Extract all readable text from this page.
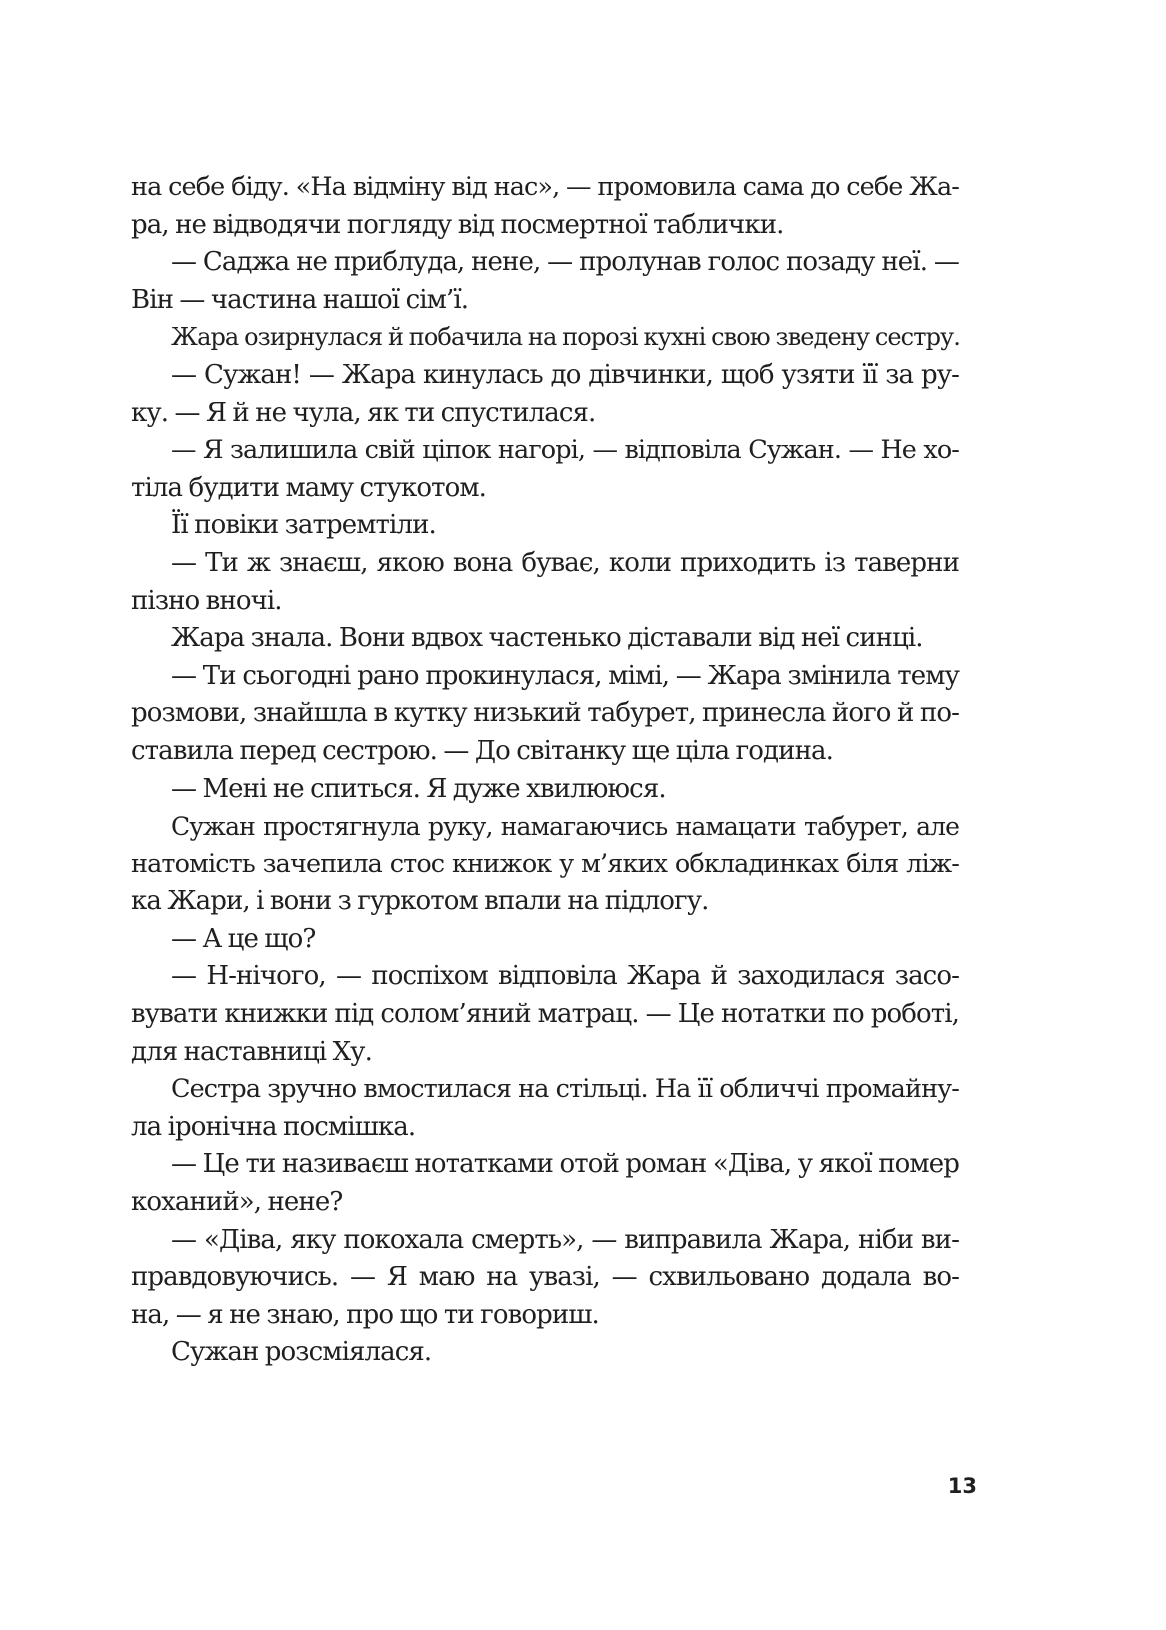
на себе біду. «На відміну від нас», — промовила сама до себе Жа-
ра, не відводячи погляду від посмертної таблички.
— Саджа не приблуда, нене, — пролунав голос позаду неї. —
Він — частина нашої сім’ї.
Жара озирнулася й побачила на порозі кухні свою зведену сестру.
— Сужан! — Жара кинулась до дівчинки, щоб узяти її за ру-
ку. — Я й не чула, як ти спустилася.
— Я залишила свій ціпок нагорі, — відповіла Сужан. — Не хо-
тіла будити маму стукотом.
Її повіки затремтіли.
— Ти ж знаєш, якою вона буває, коли приходить із таверни
пізно вночі.
Жара знала. Вони вдвох частенько діставали від неї синці.
— Ти сьогодні рано прокинулася, мімі, — Жара змінила тему
розмови, знайшла в кутку низький табурет, принесла його й по-
ставила перед сестрою. — До світанку ще ціла година.
— Мені не спиться. Я дуже хвилююся.
Сужан простягнула руку, намагаючись намацати табурет, але
натомість зачепила стос книжок у м’яких обкладинках біля ліж-
ка Жари, і вони з гуркотом впали на підлогу.
— А це що?
— Н-нічого, — поспіхом відповіла Жара й заходилася засо-
вувати книжки під солом’яний матрац. — Це нотатки по роботі,
для наставниці Ху.
Сестра зручно вмостилася на стільці. На її обличчі промайну-
ла іронічна посмішка.
— Це ти називаєш нотатками отой роман «Діва, у якої помер
коханий», нене?
— «Діва, яку покохала смерть», — виправила Жара, ніби ви-
правдовуючись. — Я маю на увазі, — схвильовано додала во-
на, — я не знаю, про що ти говориш.
Сужан розсміялася.
13
